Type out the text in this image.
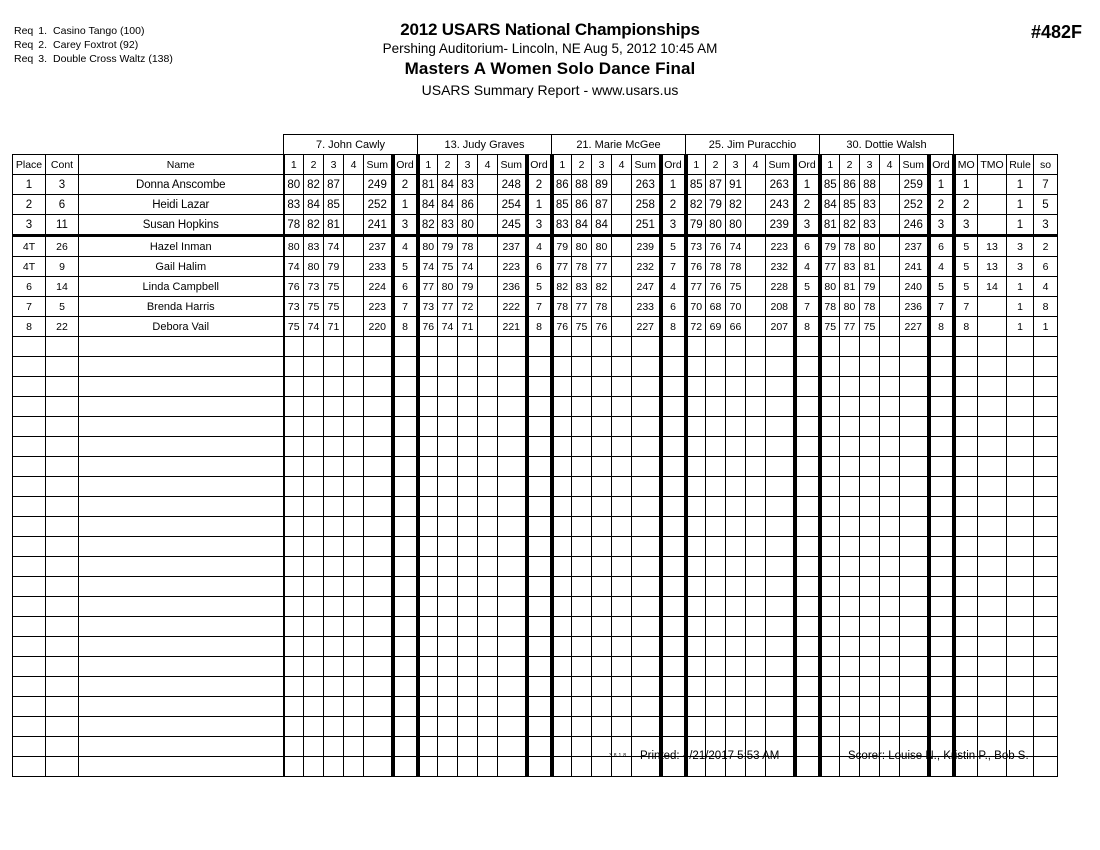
Req 1. Casino Tango (100)
Req 2. Carey Foxtrot (92)
Req 3. Double Cross Waltz (138)
2012 USARS National Championships
Pershing Auditorium- Lincoln, NE Aug 5, 2012 10:45 AM
Masters A Women Solo Dance Final
USARS Summary Report - www.usars.us
#482F
			7. John Cawly						13. Judy Graves						21. Marie McGee						25. Jim Puracchio						30. Dottie Walsh									
Place	Cont	Name	1	2	3	4	Sum	Ord	1	2	3	4	Sum	Ord	1	2	3	4	Sum	Ord	1	2	3	4	Sum	Ord	1	2	3	4	Sum	Ord	MO	TMO	Rule	so
1	3	Donna Anscombe	80	82	87		249	2	81	84	83		248	2	86	88	89		263	1	85	87	91		263	1	85	86	88		259	1	1		1	7
2	6	Heidi Lazar	83	84	85		252	1	84	84	86		254	1	85	86	87		258	2	82	79	82		243	2	84	85	83		252	2	2		1	5
3	11	Susan Hopkins	78	82	81		241	3	82	83	80		245	3	83	84	84		251	3	79	80	80		239	3	81	82	83		246	3	3		1	3
4T	26	Hazel Inman	80	83	74		237	4	80	79	78		237	4	79	80	80		239	5	73	76	74		223	6	79	78	80		237	6	5	13	3	2
4T	9	Gail Halim	74	80	79		233	5	74	75	74		223	6	77	78	77		232	7	76	78	78		232	4	77	83	81		241	4	5	13	3	6
6	14	Linda Campbell	76	73	75		224	6	77	80	79		236	5	82	83	82		247	4	77	76	75		228	5	80	81	79		240	5	5	14	1	4
7	5	Brenda Harris	73	75	75		223	7	73	77	72		222	7	78	77	78		233	6	70	68	70		208	7	78	80	78		236	7	7		1	8
8	22	Debora Vail	75	74	71		220	8	76	74	71		221	8	76	75	76		227	8	72	69	66		207	8	75	77	75		227	8	8		1	1

3.8.1.8 Printed: 4/21/2017 5:53 AM	Scorer: Louise N., Kristin P., Bob S.
